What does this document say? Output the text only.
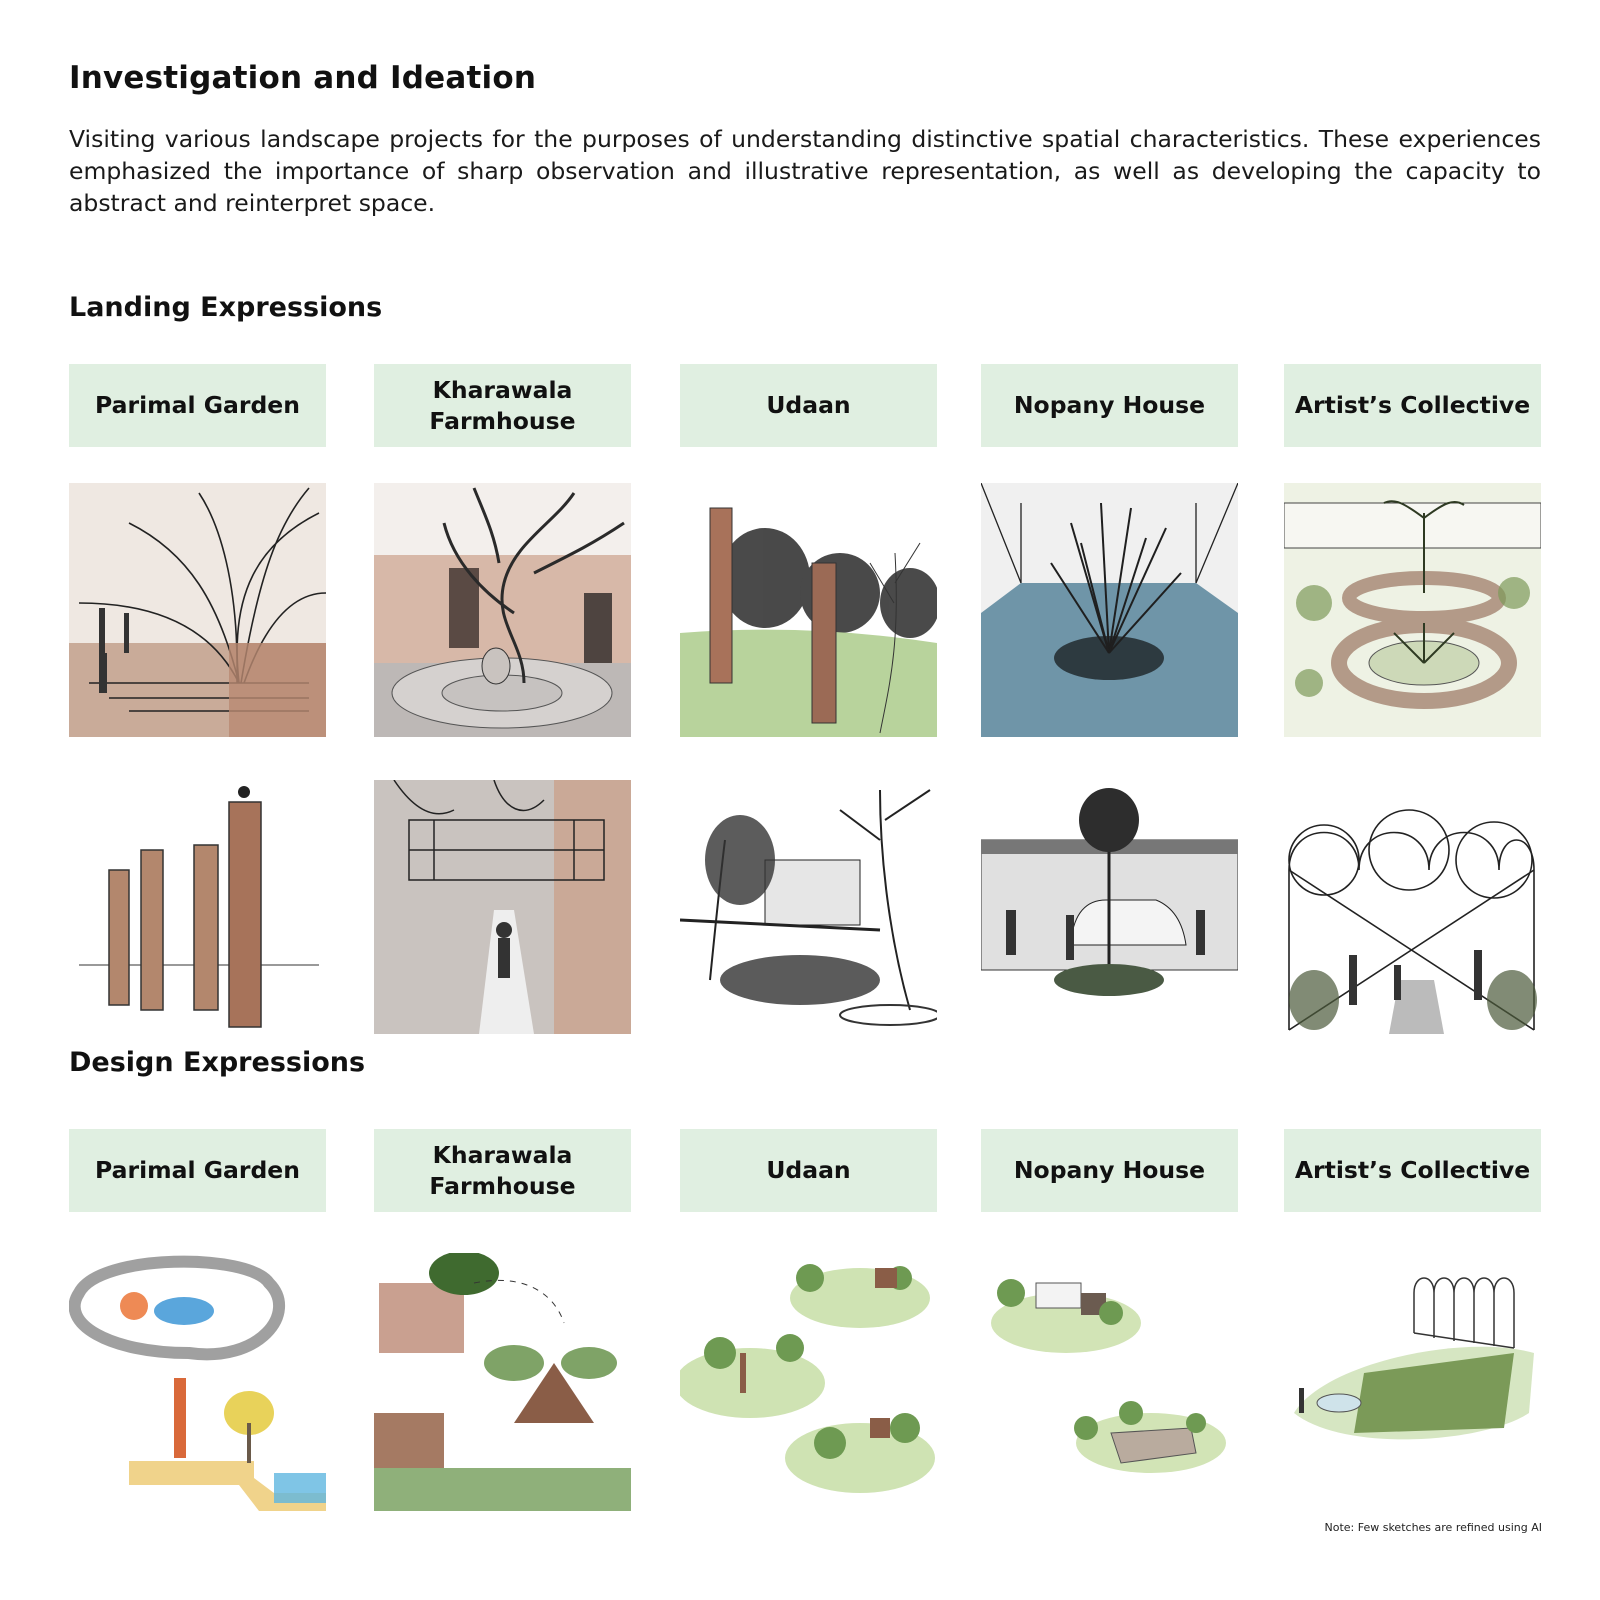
Investigation and Ideation

Visiting various landscape projects for the purposes of understanding distinctive spatial characteristics. These experiences emphasized the importance of sharp observation and illustrative representation, as well as developing the capacity to abstract and reinterpret space.

Landing Expressions
Parimal Garden
Kharawala Farmhouse
Udaan	Nopany House	Artist’s Collective
Design Expressions
Parimal Garden
Kharawala Farmhouse
Udaan	Nopany House	Artist’s Collective

Note: Few sketches are refined using AI
